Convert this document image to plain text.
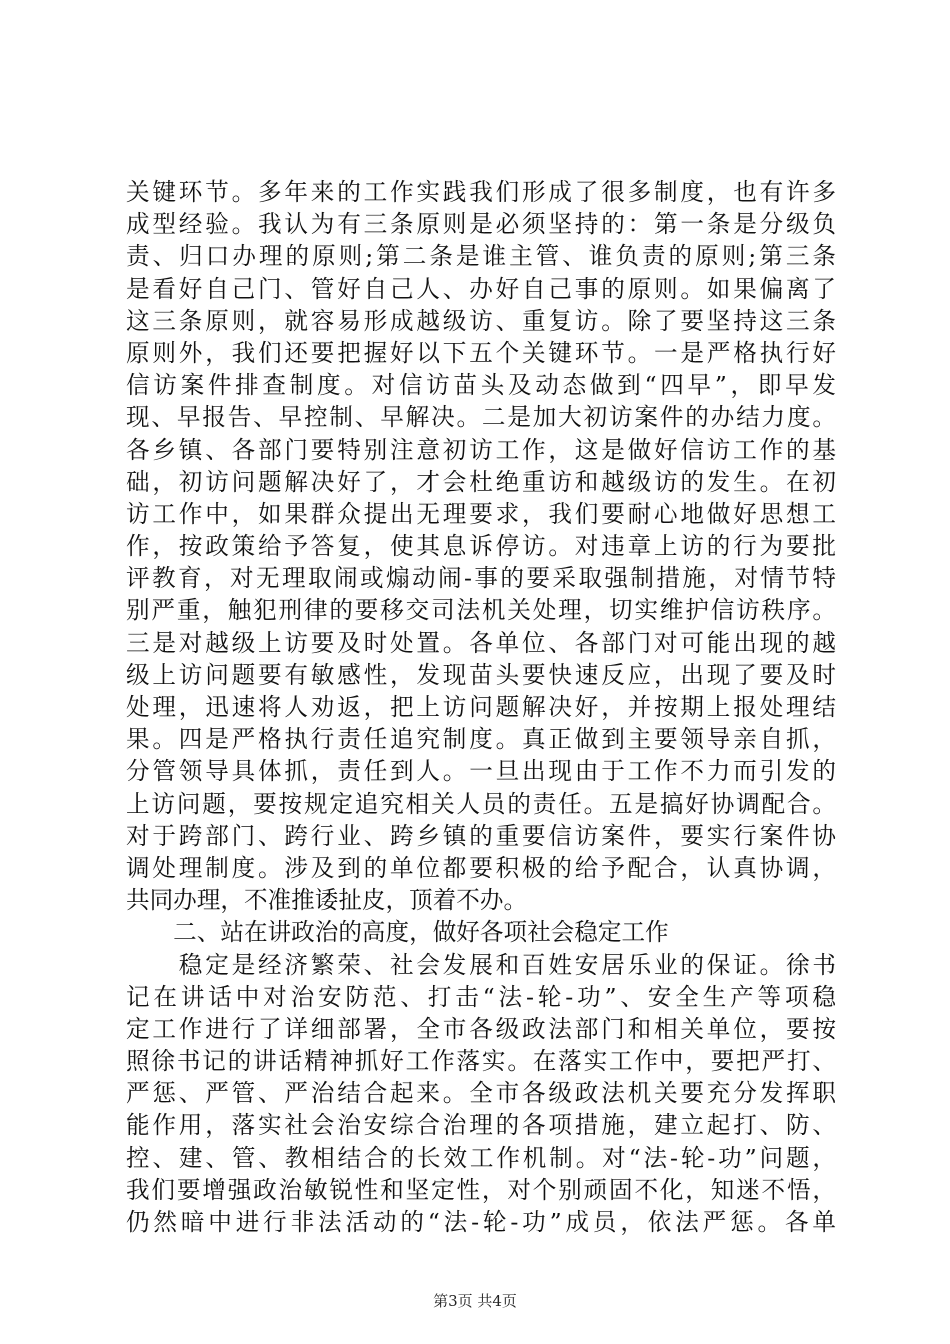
关键环节。多年来的工作实践我们形成了很多制度，也有许多
成型经验。我认为有三条原则是必须坚持的：第一条是分级负
责、归口办理的原则;第二条是谁主管、谁负责的原则;第三条
是看好自己门、管好自己人、办好自己事的原则。如果偏离了
这三条原则，就容易形成越级访、重复访。除了要坚持这三条
原则外，我们还要把握好以下五个关键环节。一是严格执行好
信访案件排查制度。对信访苗头及动态做到“四早”，即早发
现、早报告、早控制、早解决。二是加大初访案件的办结力度。
各乡镇、各部门要特别注意初访工作，这是做好信访工作的基
础，初访问题解决好了，才会杜绝重访和越级访的发生。在初
访工作中，如果群众提出无理要求，我们要耐心地做好思想工
作，按政策给予答复，使其息诉停访。对违章上访的行为要批
评教育，对无理取闹或煽动闹-事的要采取强制措施，对情节特
别严重，触犯刑律的要移交司法机关处理，切实维护信访秩序。
三是对越级上访要及时处置。各单位、各部门对可能出现的越
级上访问题要有敏感性，发现苗头要快速反应，出现了要及时
处理，迅速将人劝返，把上访问题解决好，并按期上报处理结
果。四是严格执行责任追究制度。真正做到主要领导亲自抓，
分管领导具体抓，责任到人。一旦出现由于工作不力而引发的
上访问题，要按规定追究相关人员的责任。五是搞好协调配合。
对于跨部门、跨行业、跨乡镇的重要信访案件，要实行案件协
调处理制度。涉及到的单位都要积极的给予配合，认真协调，
共同办理，不准推诿扯皮，顶着不办。
　　二、站在讲政治的高度，做好各项社会稳定工作
　　稳定是经济繁荣、社会发展和百姓安居乐业的保证。徐书
记在讲话中对治安防范、打击“法-轮-功”、安全生产等项稳
定工作进行了详细部署，全市各级政法部门和相关单位，要按
照徐书记的讲话精神抓好工作落实。在落实工作中，要把严打、
严惩、严管、严治结合起来。全市各级政法机关要充分发挥职
能作用，落实社会治安综合治理的各项措施，建立起打、防、
控、建、管、教相结合的长效工作机制。对“法-轮-功”问题，
我们要增强政治敏锐性和坚定性，对个别顽固不化，知迷不悟，
仍然暗中进行非法活动的“法-轮-功”成员，依法严惩。各单
第3页 共4页
